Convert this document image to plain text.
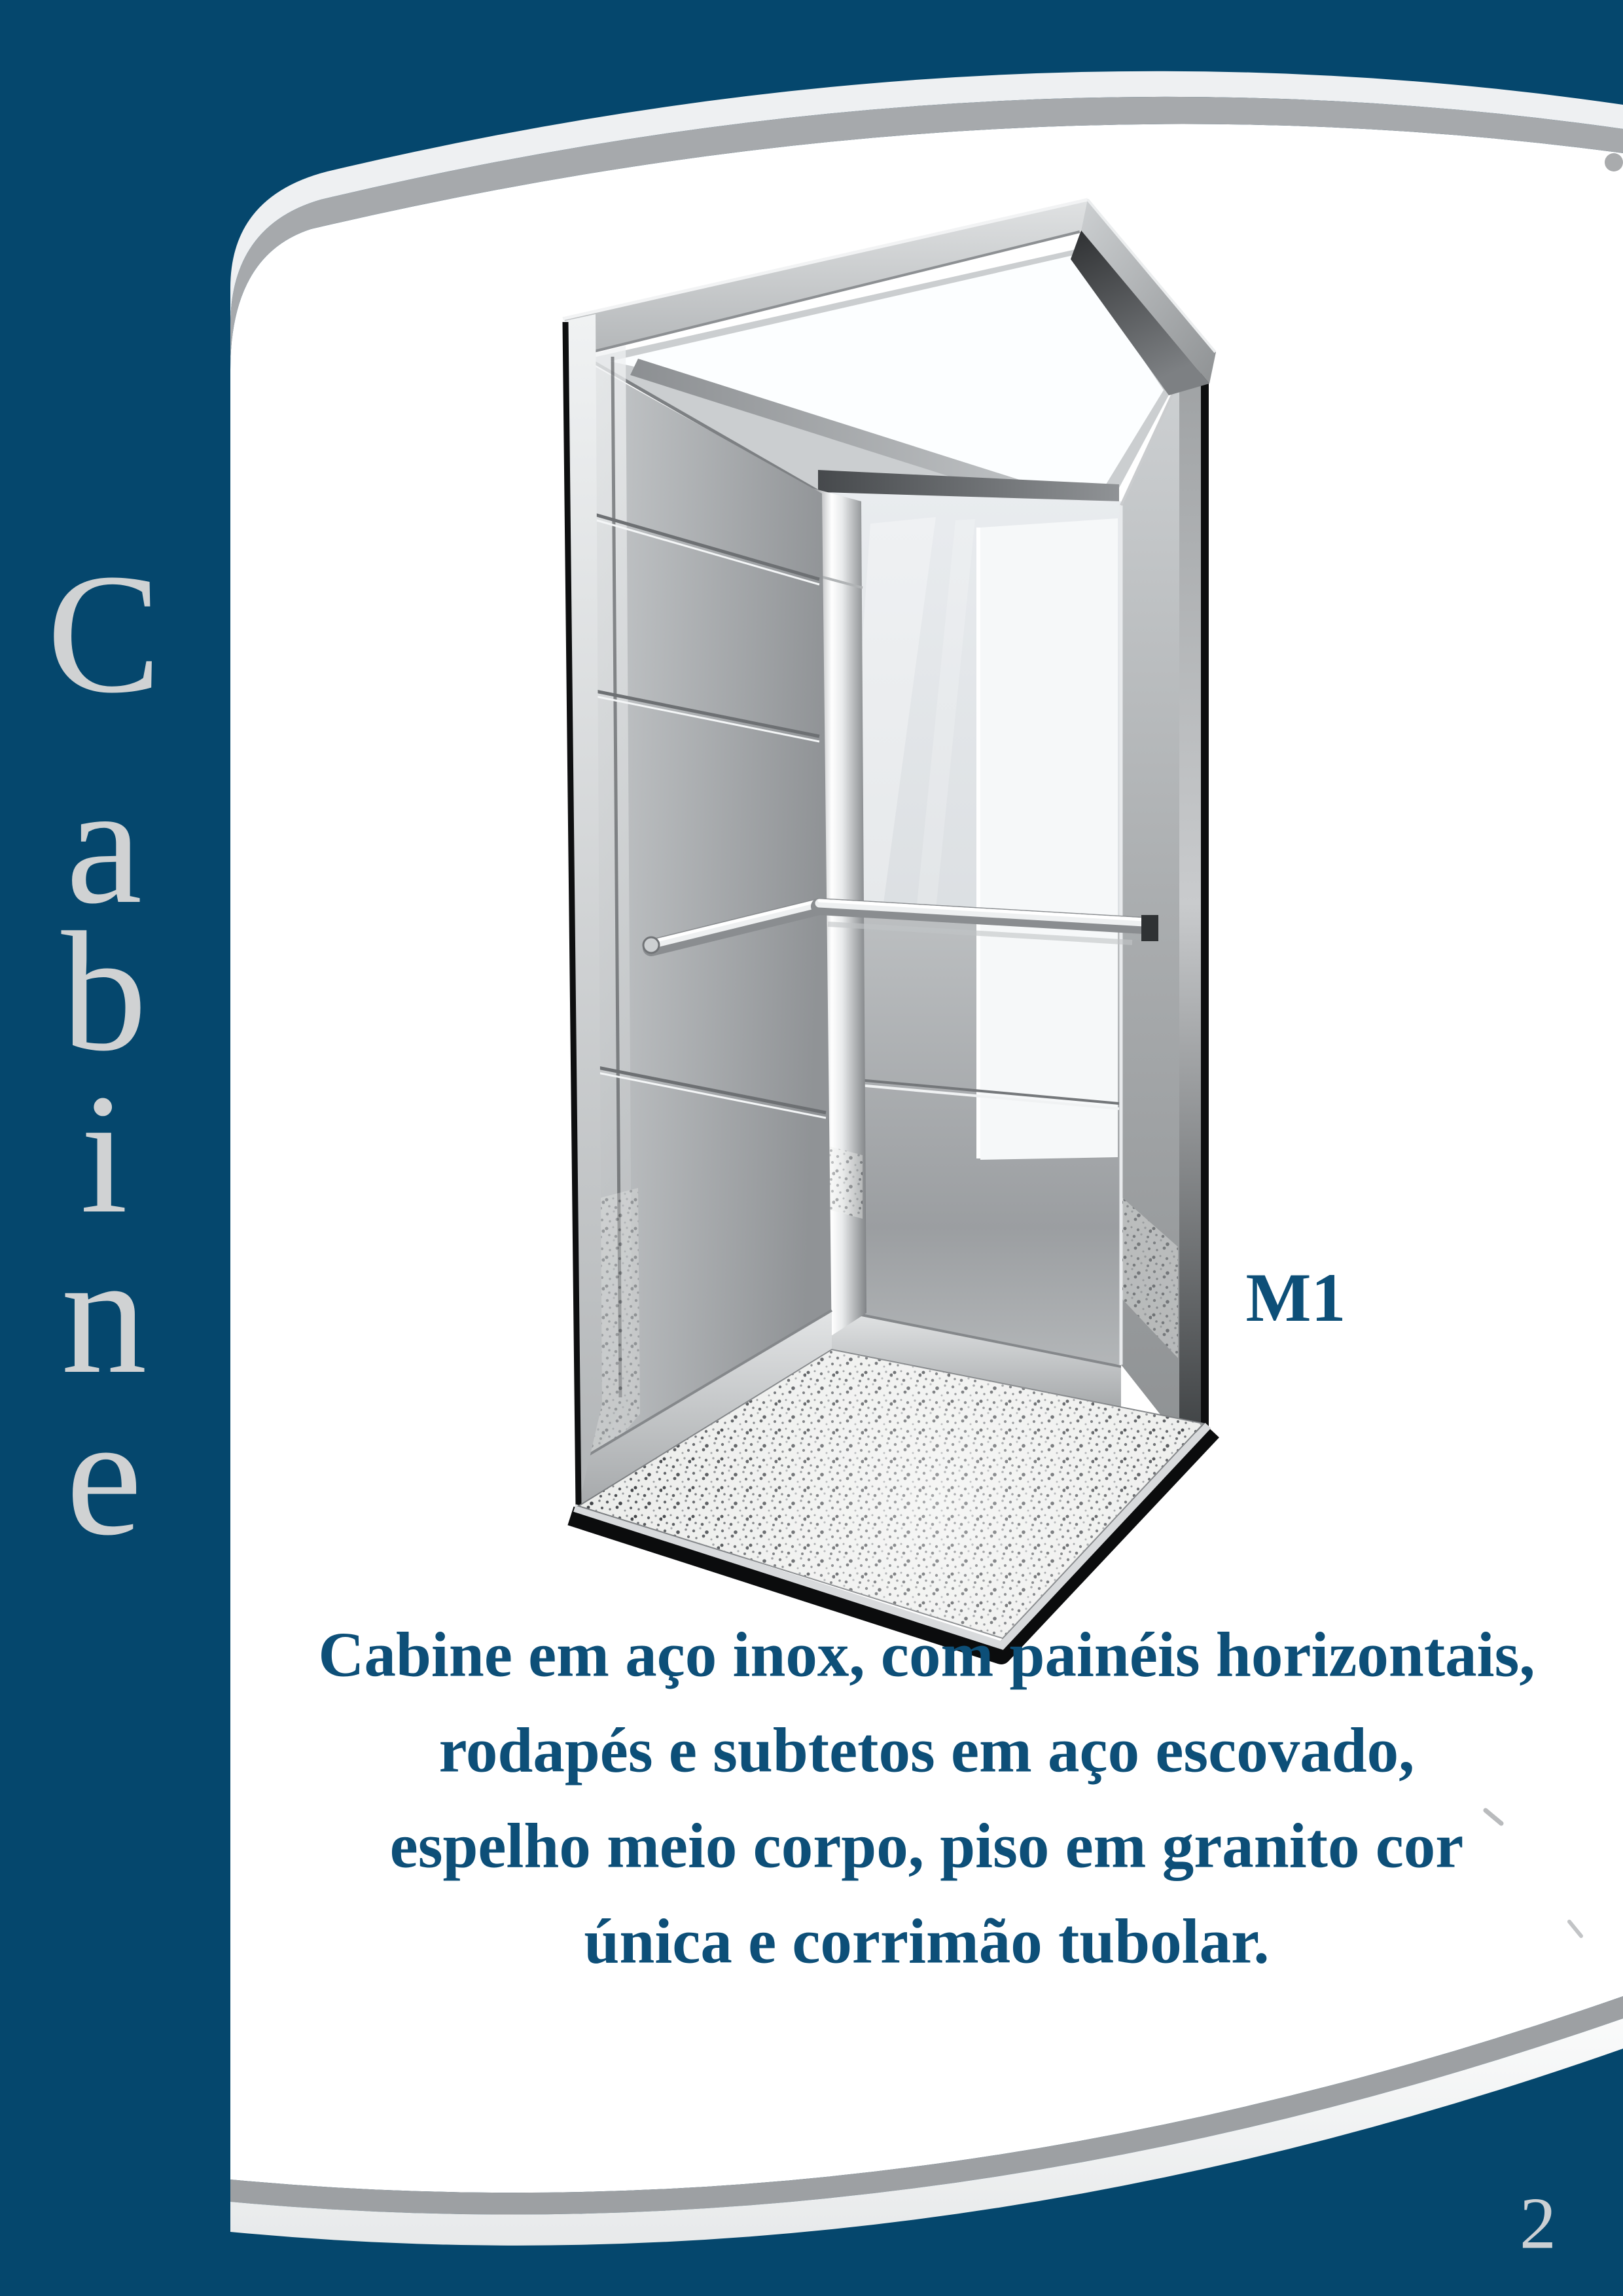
C
a
b
i
n
e
M1
Cabine em aço inox, com painéis horizontais,
rodapés e subtetos em aço escovado,
espelho meio corpo, piso em granito cor
única e corrimão tubolar.
2
